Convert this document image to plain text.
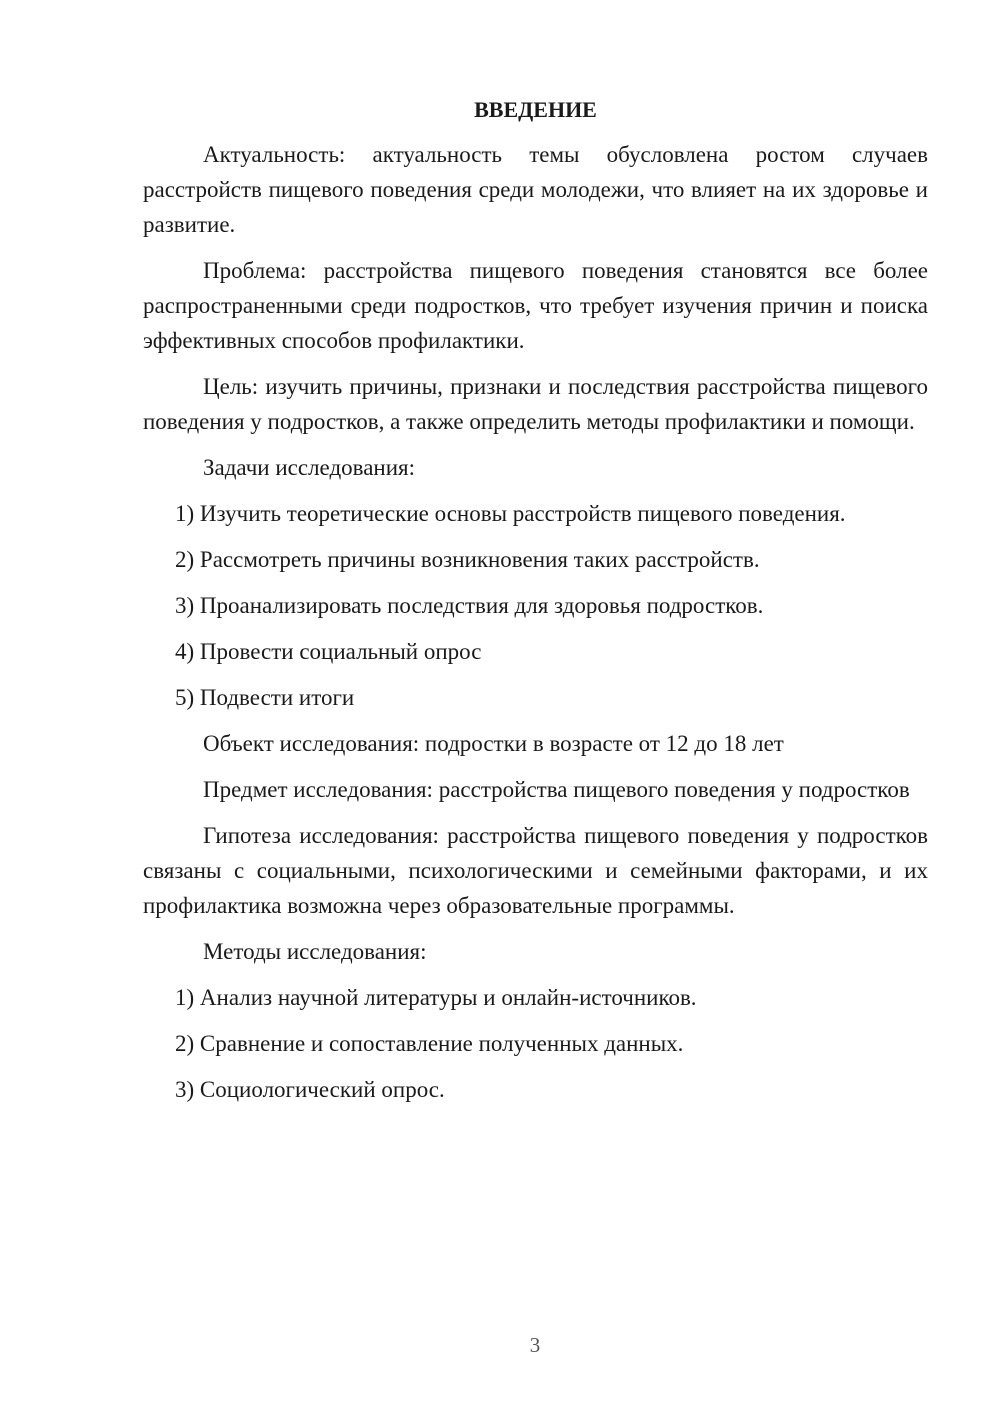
ВВЕДЕНИЕ

Актуальность: актуальность темы обусловлена ростом случаев расстройств пищевого поведения среди молодежи, что влияет на их здоровье и развитие.

Проблема: расстройства пищевого поведения становятся все более распространенными среди подростков, что требует изучения причин и поиска эффективных способов профилактики.

Цель: изучить причины, признаки и последствия расстройства пищевого поведения у подростков, а также определить методы профилактики и помощи.

Задачи исследования:
1) Изучить теоретические основы расстройств пищевого поведения.
2) Рассмотреть причины возникновения таких расстройств.
3) Проанализировать последствия для здоровья подростков.
4) Провести социальный опрос
5) Подвести итоги
Объект исследования: подростки в возрасте от 12 до 18 лет

Предмет исследования: расстройства пищевого поведения у подростков

Гипотеза исследования: расстройства пищевого поведения у подростков связаны с социальными, психологическими и семейными факторами, и их профилактика возможна через образовательные программы.

Методы исследования:
1) Анализ научной литературы и онлайн-источников.
2) Сравнение и сопоставление полученных данных.
3) Социологический опрос.
3
